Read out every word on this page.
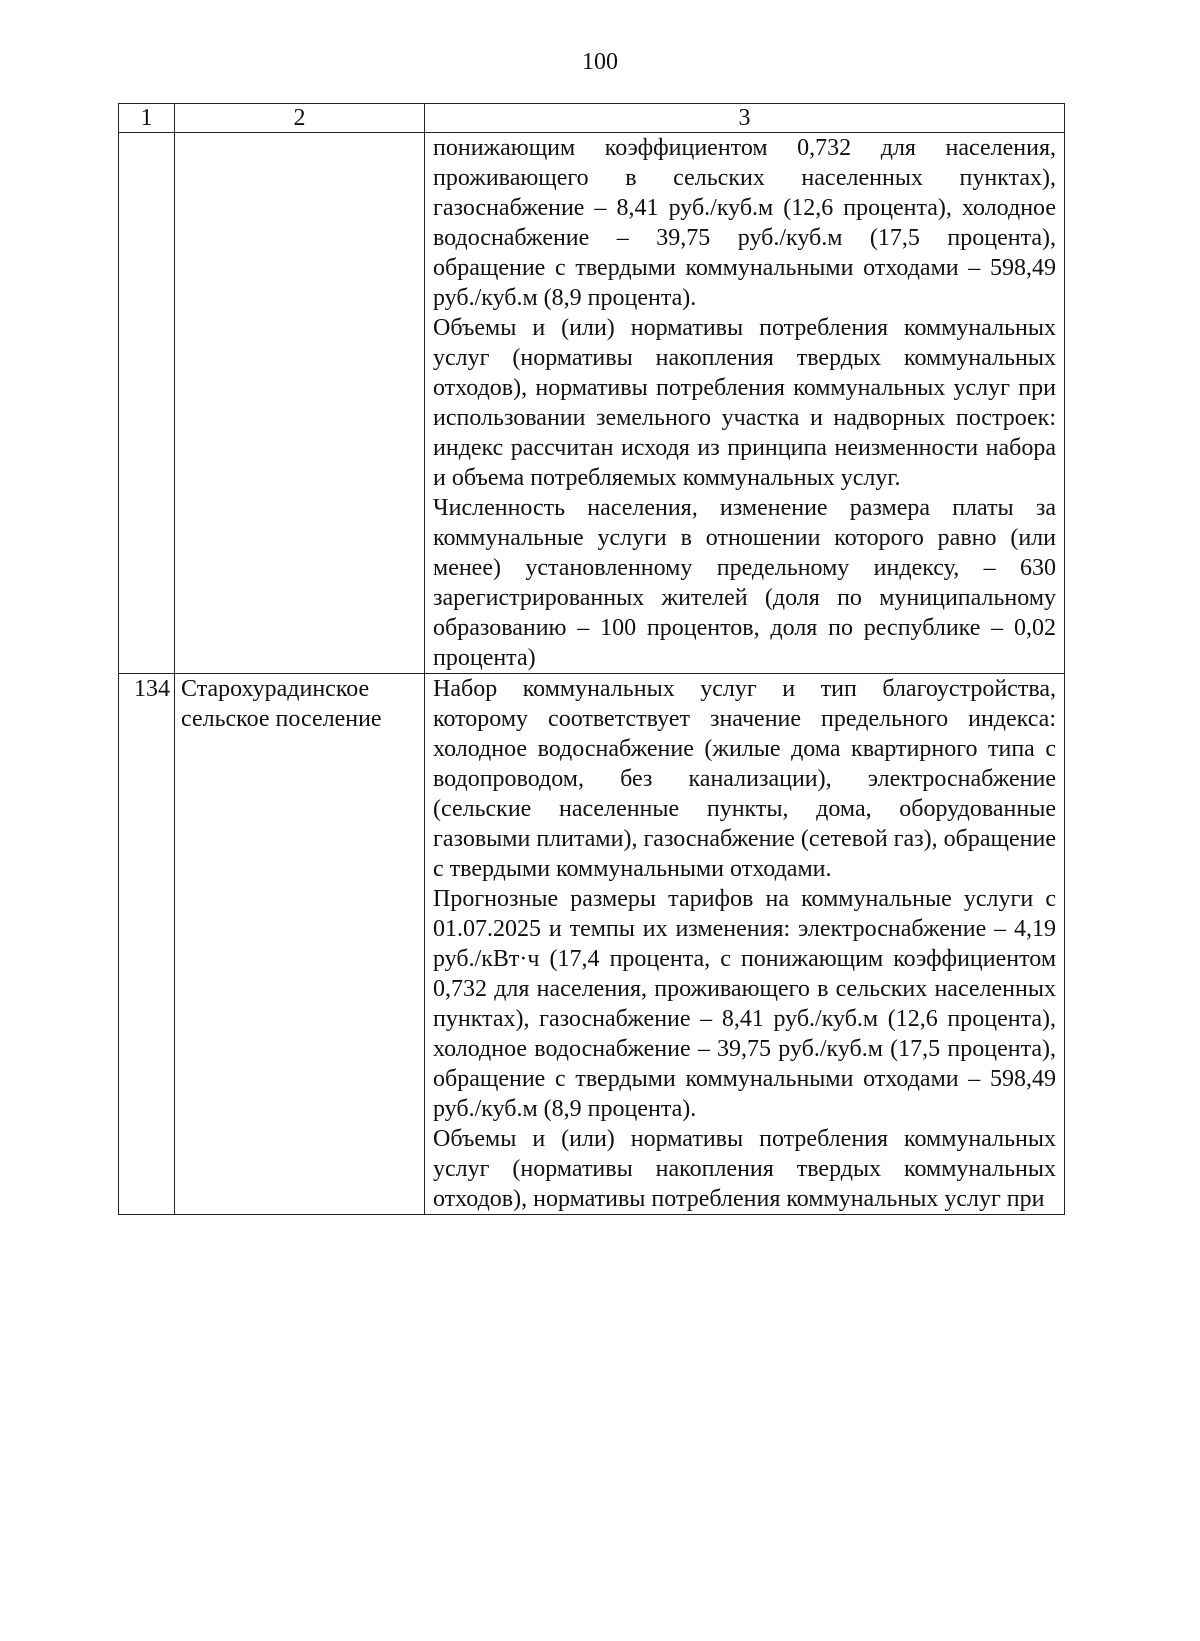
100
1	2	3

		понижающим коэффициентом 0,732 для населения, проживающего в сельских населенных пунктах), газоснабжение – 8,41 руб./куб.м (12,6 процента), холодное водоснабжение – 39,75 руб./куб.м (17,5 процента), обращение с твердыми коммунальными отходами – 598,49 руб./куб.м (8,9 процента).

Объемы и (или) нормативы потребления коммунальных услуг (нормативы накопления твердых коммунальных отходов), нормативы потребления коммунальных услуг при использовании земельного участка и надворных построек: индекс рассчитан исходя из принципа неизменности набора и объема потребляемых коммунальных услуг.

Численность населения, изменение размера платы за коммунальные услуги в отношении которого равно (или менее) установленному предельному индексу, – 630 зарегистрированных жителей (доля по муниципальному образованию – 100 процентов, доля по республике – 0,02 процента)

134	Старохурадинское сельское поселение	Набор коммунальных услуг и тип благоустройства, которому соответствует значение предельного индекса: холодное водоснабжение (жилые дома квартирного типа с водопроводом, без канализации), электроснабжение (сельские населенные пункты, дома, оборудованные газовыми плитами), газоснабжение (сетевой газ), обращение с твердыми коммунальными отходами.

Прогнозные размеры тарифов на коммунальные услуги с 01.07.2025 и темпы их изменения: электроснабжение – 4,19 руб./кВт·ч (17,4 процента, с понижающим коэффициентом 0,732 для населения, проживающего в сельских населенных пунктах), газоснабжение – 8,41 руб./куб.м (12,6 процента), холодное водоснабжение – 39,75 руб./куб.м (17,5 процента), обращение с твердыми коммунальными отходами – 598,49 руб./куб.м (8,9 процента).

Объемы и (или) нормативы потребления коммунальных услуг (нормативы накопления твердых коммунальных отходов), нормативы потребления коммунальных услуг при
